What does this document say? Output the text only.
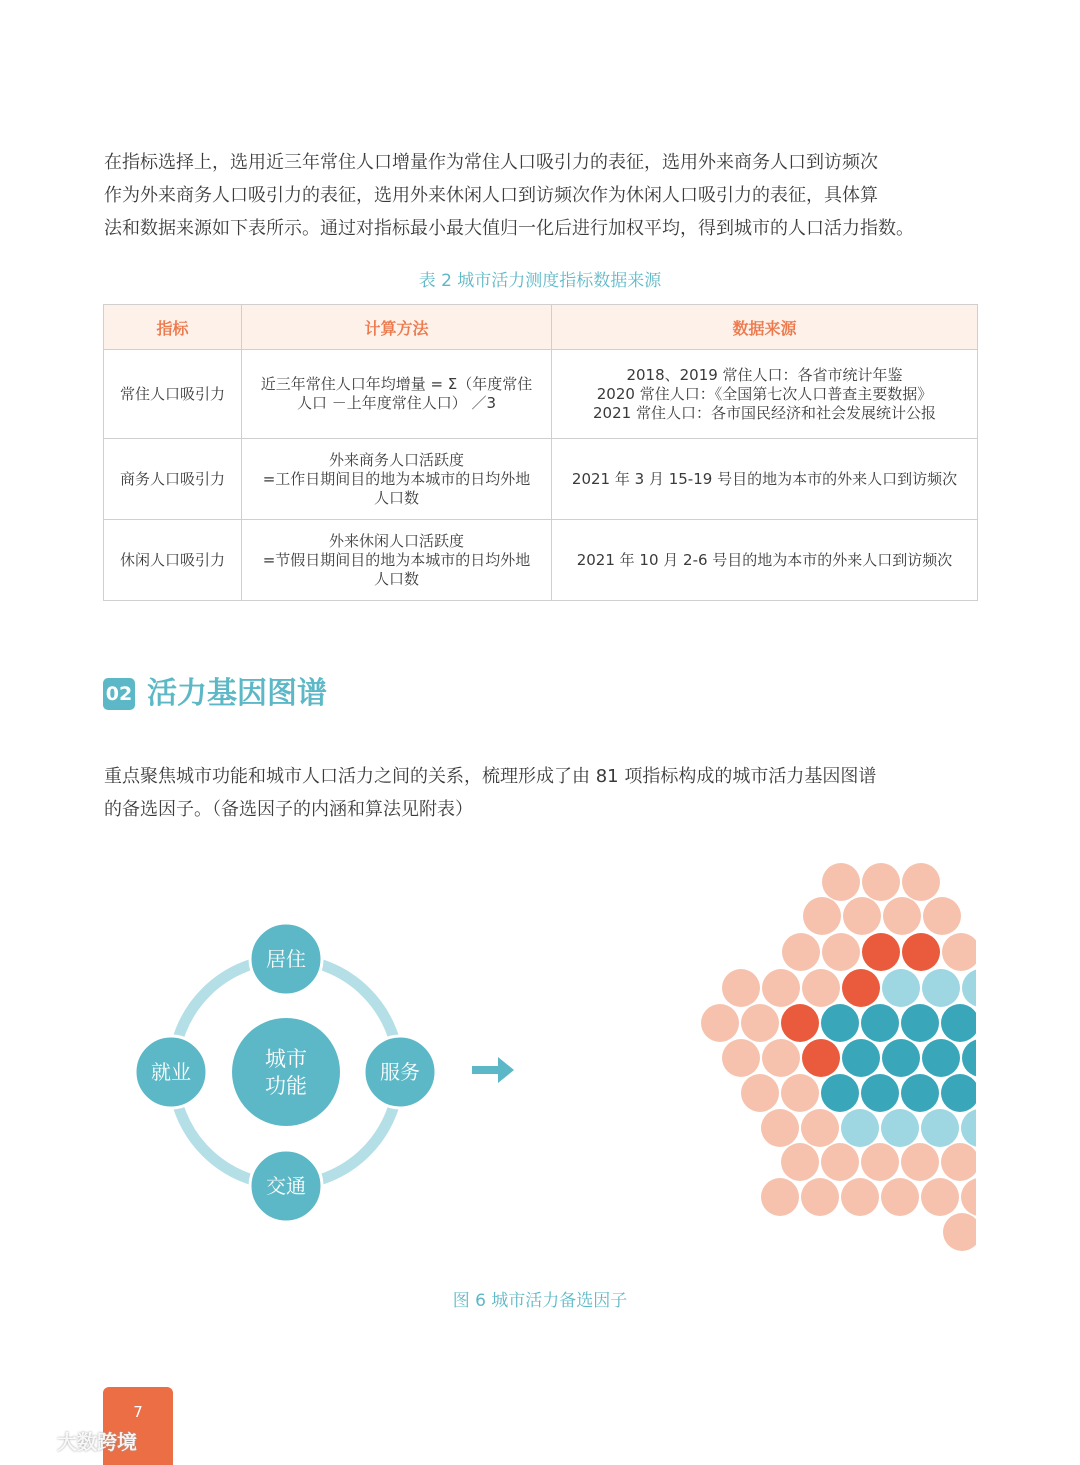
在指标选择上，选用近三年常住人口增量作为常住人口吸引力的表征，选用外来商务人口到访频次
作为外来商务人口吸引力的表征，选用外来休闲人口到访频次作为休闲人口吸引力的表征，具体算
法和数据来源如下表所示。通过对指标最小最大值归一化后进行加权平均，得到城市的人口活力指数。

表 2 城市活力测度指标数据来源
指标	计算方法	数据来源
常住人口吸引力	近三年常住人口年均增量 = Σ（年度常住
人口 －上年度常住人口） ／3	2018、2019 常住人口：各省市统计年鉴
2020 常住人口：《全国第七次人口普查主要数据》
2021 常住人口：各市国民经济和社会发展统计公报

商务人口吸引力	外来商务人口活跃度
=工作日期间目的地为本城市的日均外地
人口数	2021 年 3 月 15-19 号目的地为本市的外来人口到访频次

休闲人口吸引力	外来休闲人口活跃度
=节假日期间目的地为本城市的日均外地
人口数	2021 年 10 月 2-6 号目的地为本市的外来人口到访频次
02 活力基因图谱

重点聚焦城市功能和城市人口活力之间的关系，梳理形成了由 81 项指标构成的城市活力基因图谱
的备选因子。（备选因子的内涵和算法见附表）

城市
功能
居住
就业	服务
交通
图 6 城市活力备选因子
7
大数跨境
